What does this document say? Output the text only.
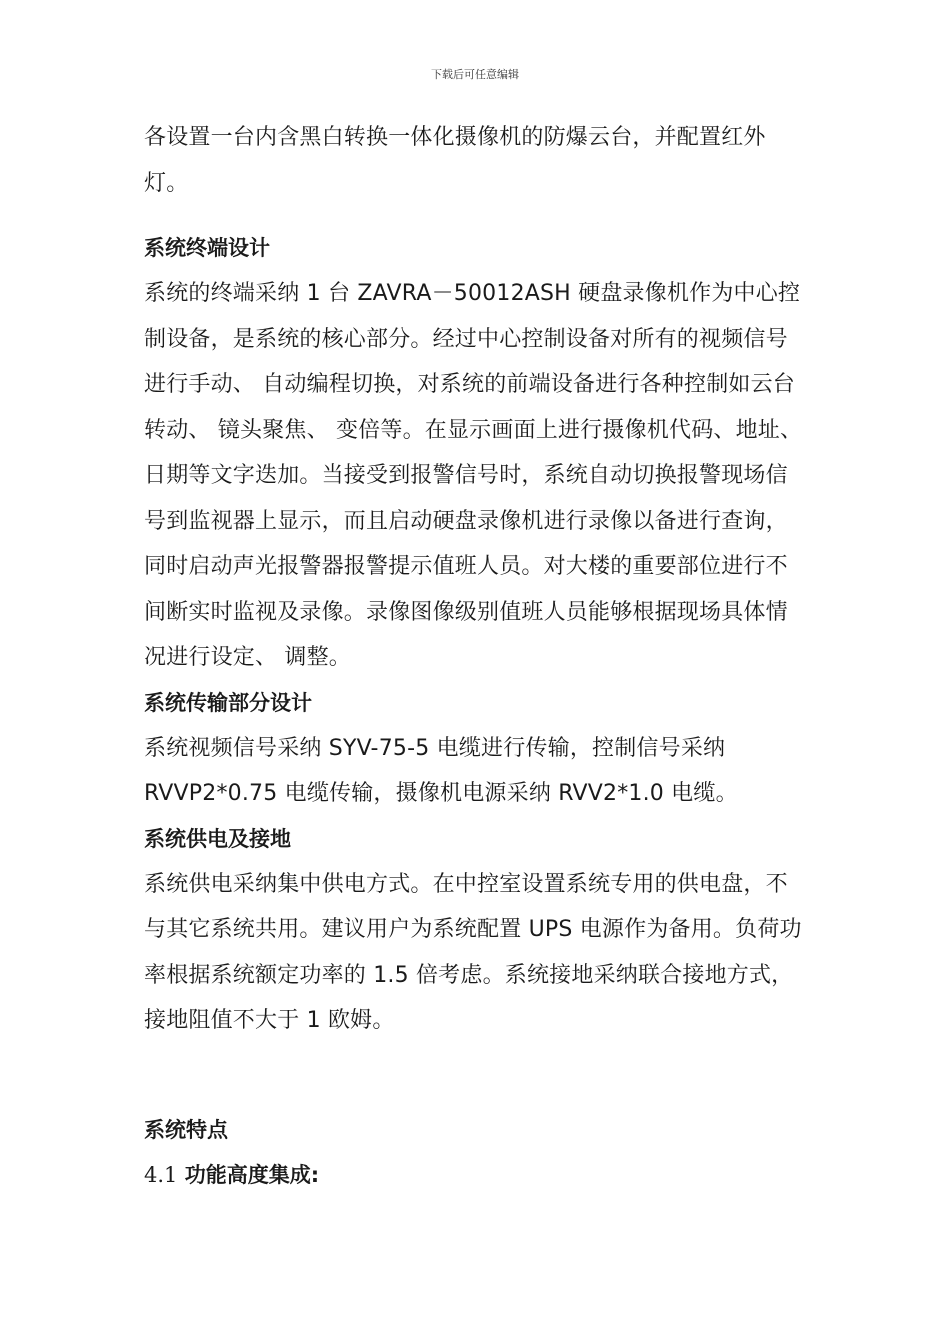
下载后可任意编辑

各设置一台内含黑白转换一体化摄像机的防爆云台，并配置红外灯。

系统终端设计

系统的终端采纳 1 台 ZAVRA－50012ASH 硬盘录像机作为中心控制设备，是系统的核心部分。经过中心控制设备对所有的视频信号进行手动、 自动编程切换，对系统的前端设备进行各种控制如云台转动、 镜头聚焦、 变倍等。在显示画面上进行摄像机代码、地址、 日期等文字迭加。当接受到报警信号时，系统自动切换报警现场信号到监视器上显示，而且启动硬盘录像机进行录像以备进行查询，同时启动声光报警器报警提示值班人员。对大楼的重要部位进行不间断实时监视及录像。录像图像级别值班人员能够根据现场具体情况进行设定、 调整。

系统传输部分设计

系统视频信号采纳 SYV-75-5 电缆进行传输，控制信号采纳 RVVP2*0.75 电缆传输，摄像机电源采纳 RVV2*1.0 电缆。

系统供电及接地

系统供电采纳集中供电方式。在中控室设置系统专用的供电盘，不与其它系统共用。建议用户为系统配置 UPS 电源作为备用。负荷功率根据系统额定功率的 1.5 倍考虑。系统接地采纳联合接地方式，接地阻值不大于 1 欧姆。

系统特点
4.1 功能高度集成:
